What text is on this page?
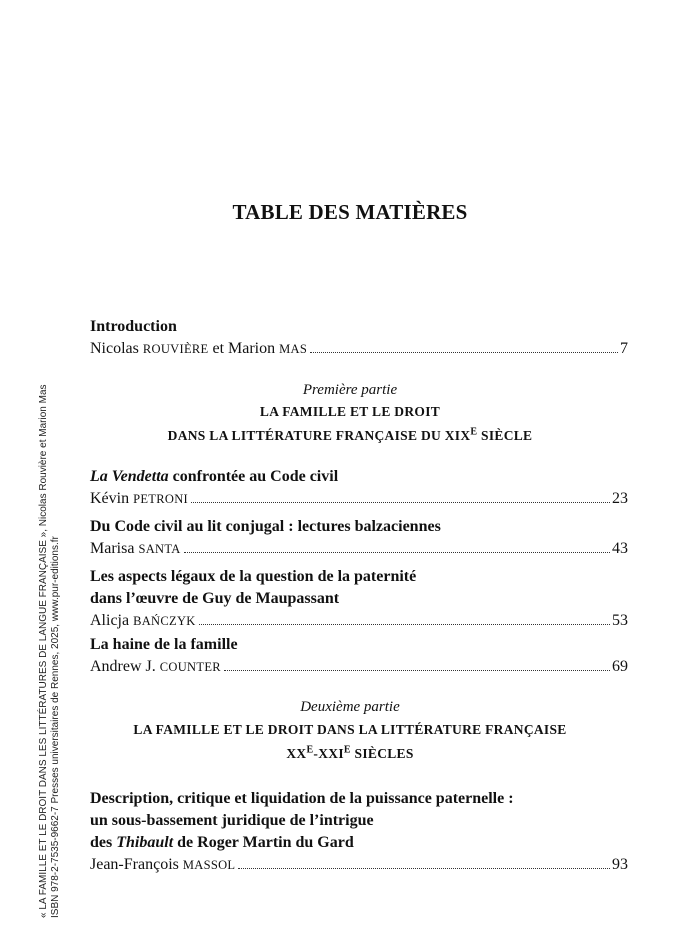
« LA FAMILLE ET LE DROIT DANS LES LITTÉRATURES DE LANGUE FRANÇAISE », Nicolas Rouvière et Marion Mas ISBN 978-2-7535-9662-7 Presses universitaires de Rennes, 2025, www.pur-editions.fr
TABLE DES MATIÈRES
Introduction
Nicolas ROUVIÈRE et Marion MAS	7
Première partie
LA FAMILLE ET LE DROIT
DANS LA LITTÉRATURE FRANÇAISE DU $XIX^E$ SIÈCLE
La Vendetta confrontée au Code civil
Kévin PETRONI	23
Du Code civil au lit conjugal : lectures balzaciennes
Marisa SANTA	43
Les aspects légaux de la question de la paternité
dans l’œuvre de Guy de Maupassant
Alicja BAŃCZYK	53
La haine de la famille
Andrew J. COUNTER	69
Deuxième partie
LA FAMILLE ET LE DROIT DANS LA LITTÉRATURE FRANÇAISE
$XX^E-XXI^E$ SIÈCLES
Description, critique et liquidation de la puissance paternelle :
un sous-bassement juridique de l’intrigue
des Thibault de Roger Martin du Gard
Jean-François MASSOL	93
